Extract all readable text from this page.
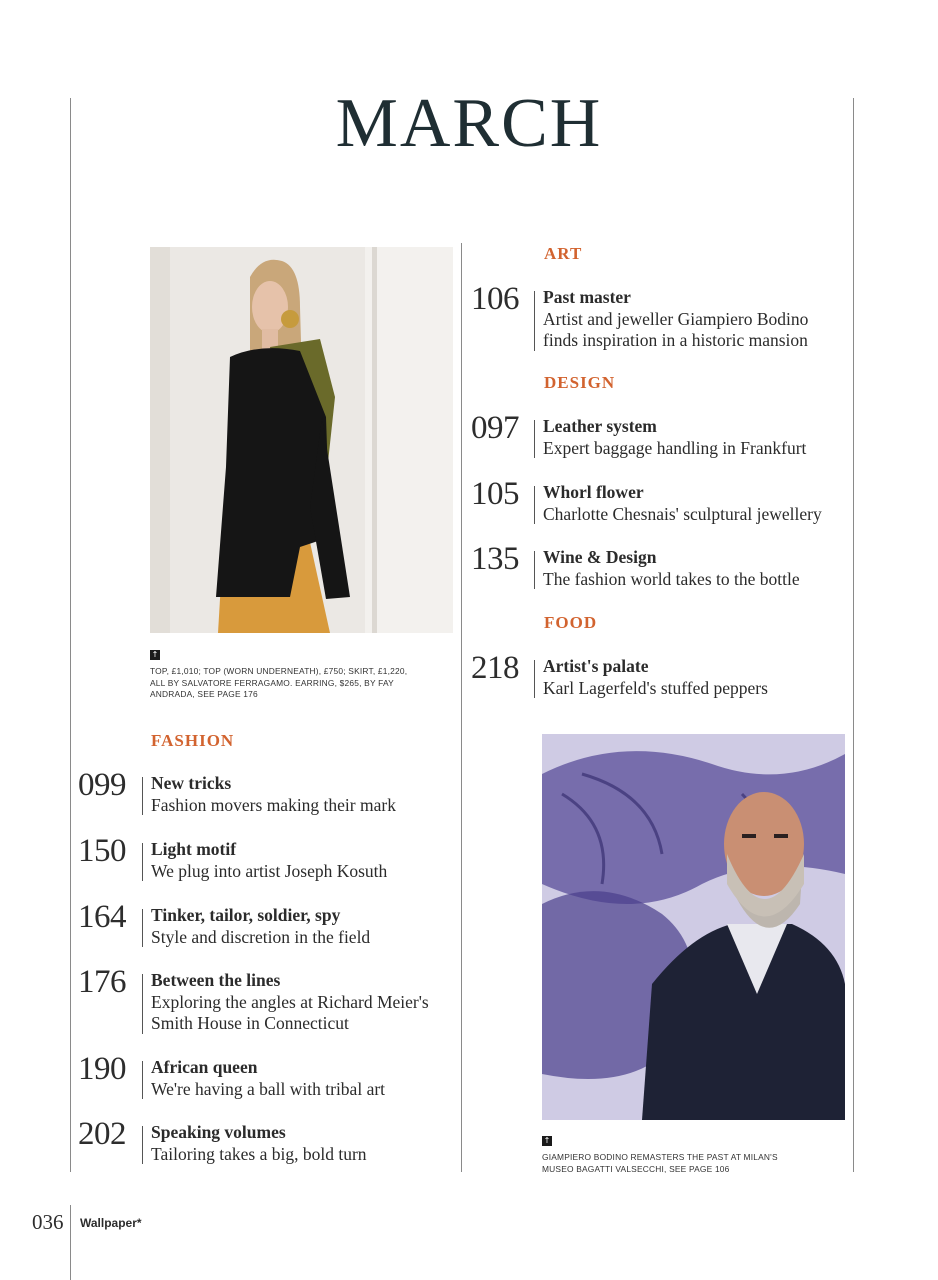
MARCH
↑
TOP, £1,010; TOP (WORN UNDERNEATH), £750; SKIRT, £1,220, ALL BY SALVATORE FERRAGAMO. EARRING, $265, BY FAY ANDRADA, SEE PAGE 176
↑
GIAMPIERO BODINO REMASTERS THE PAST AT MILAN'S MUSEO BAGATTI VALSECCHI, SEE PAGE 106
FASHION
099 New tricks
Fashion movers making their mark
150 Light motif
We plug into artist Joseph Kosuth
164 Tinker, tailor, soldier, spy
Style and discretion in the field
176 Between the lines
Exploring the angles at Richard Meier's
Smith House in Connecticut
190 African queen
We're having a ball with tribal art
202 Speaking volumes
Tailoring takes a big, bold turn
ART
106 Past master
Artist and jeweller Giampiero Bodino
finds inspiration in a historic mansion
DESIGN
097 Leather system
Expert baggage handling in Frankfurt
105 Whorl flower
Charlotte Chesnais' sculptural jewellery
135 Wine & Design
The fashion world takes to the bottle
FOOD
218 Artist's palate
Karl Lagerfeld's stuffed peppers
036 Wallpaper*
